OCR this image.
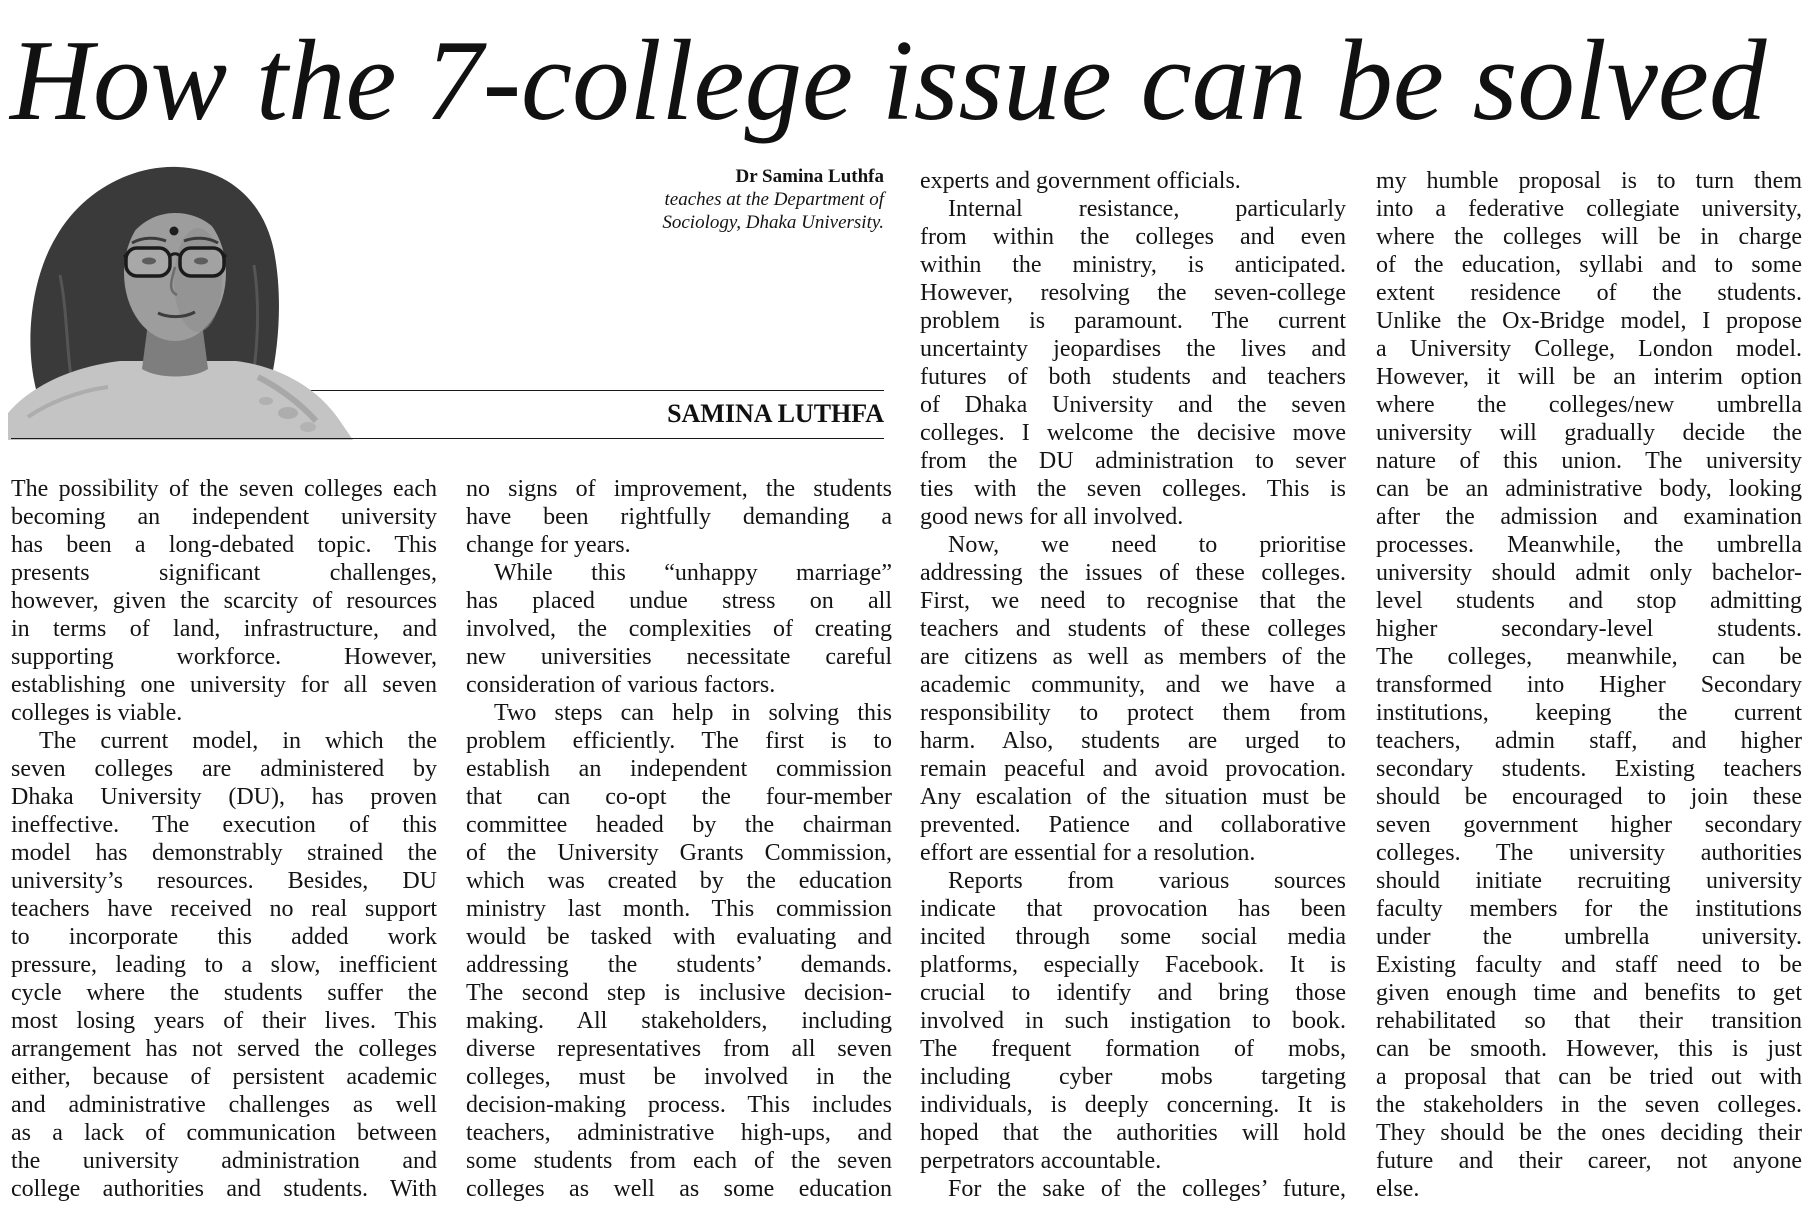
How the 7-college issue can be solved
Dr Samina Luthfa
teaches at the Department of
Sociology, Dhaka University.
SAMINA LUTHFA
The possibility of the seven colleges each
becoming an independent university
has been a long-debated topic. This
presents significant challenges,
however, given the scarcity of resources
in terms of land, infrastructure, and
supporting workforce. However,
establishing one university for all seven
colleges is viable.
The current model, in which the
seven colleges are administered by
Dhaka University (DU), has proven
ineffective. The execution of this
model has demonstrably strained the
university’s resources. Besides, DU
teachers have received no real support
to incorporate this added work
pressure, leading to a slow, inefficient
cycle where the students suffer the
most losing years of their lives. This
arrangement has not served the colleges
either, because of persistent academic
and administrative challenges as well
as a lack of communication between
the university administration and
college authorities and students. With
no signs of improvement, the students
have been rightfully demanding a
change for years.
While this “unhappy marriage”
has placed undue stress on all
involved, the complexities of creating
new universities necessitate careful
consideration of various factors.
Two steps can help in solving this
problem efficiently. The first is to
establish an independent commission
that can co-opt the four-member
committee headed by the chairman
of the University Grants Commission,
which was created by the education
ministry last month. This commission
would be tasked with evaluating and
addressing the students’ demands.
The second step is inclusive decision-
making. All stakeholders, including
diverse representatives from all seven
colleges, must be involved in the
decision-making process. This includes
teachers, administrative high-ups, and
some students from each of the seven
colleges as well as some education
experts and government officials.
Internal resistance, particularly
from within the colleges and even
within the ministry, is anticipated.
However, resolving the seven-college
problem is paramount. The current
uncertainty jeopardises the lives and
futures of both students and teachers
of Dhaka University and the seven
colleges. I welcome the decisive move
from the DU administration to sever
ties with the seven colleges. This is
good news for all involved.
Now, we need to prioritise
addressing the issues of these colleges.
First, we need to recognise that the
teachers and students of these colleges
are citizens as well as members of the
academic community, and we have a
responsibility to protect them from
harm. Also, students are urged to
remain peaceful and avoid provocation.
Any escalation of the situation must be
prevented. Patience and collaborative
effort are essential for a resolution.
Reports from various sources
indicate that provocation has been
incited through some social media
platforms, especially Facebook. It is
crucial to identify and bring those
involved in such instigation to book.
The frequent formation of mobs,
including cyber mobs targeting
individuals, is deeply concerning. It is
hoped that the authorities will hold
perpetrators accountable.
For the sake of the colleges’ future,
my humble proposal is to turn them
into a federative collegiate university,
where the colleges will be in charge
of the education, syllabi and to some
extent residence of the students.
Unlike the Ox-Bridge model, I propose
a University College, London model.
However, it will be an interim option
where the colleges/new umbrella
university will gradually decide the
nature of this union. The university
can be an administrative body, looking
after the admission and examination
processes. Meanwhile, the umbrella
university should admit only bachelor-
level students and stop admitting
higher secondary-level students.
The colleges, meanwhile, can be
transformed into Higher Secondary
institutions, keeping the current
teachers, admin staff, and higher
secondary students. Existing teachers
should be encouraged to join these
seven government higher secondary
colleges. The university authorities
should initiate recruiting university
faculty members for the institutions
under the umbrella university.
Existing faculty and staff need to be
given enough time and benefits to get
rehabilitated so that their transition
can be smooth. However, this is just
a proposal that can be tried out with
the stakeholders in the seven colleges.
They should be the ones deciding their
future and their career, not anyone
else.
